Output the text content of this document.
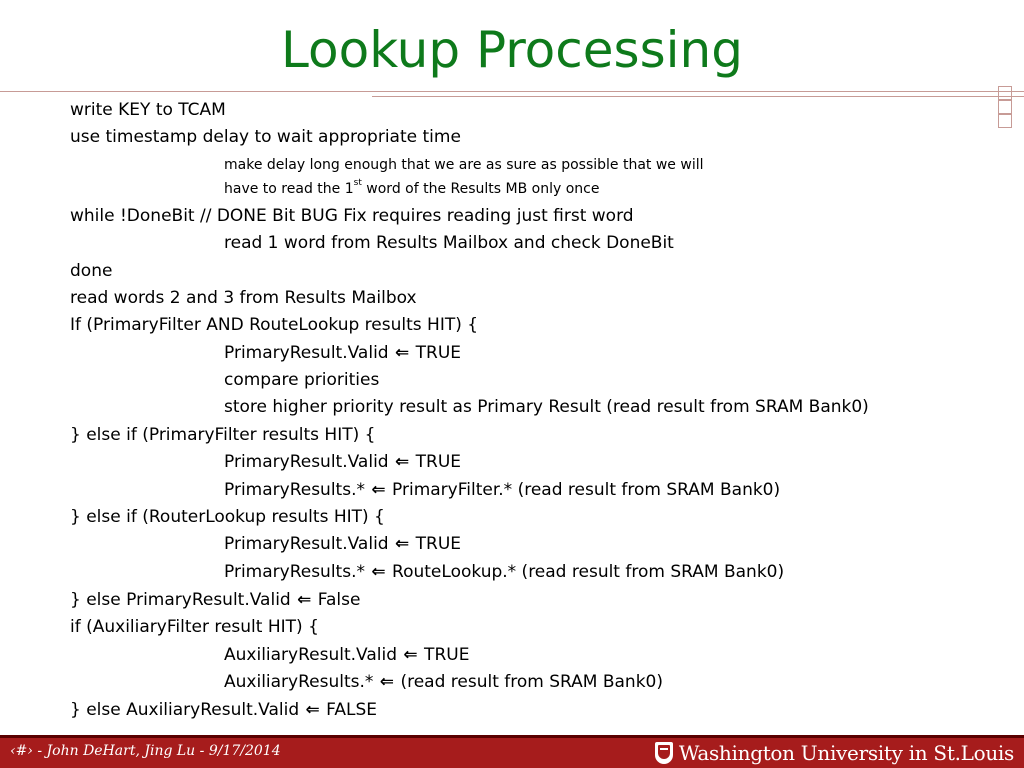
Lookup Processing
write KEY to TCAM
use timestamp delay to wait appropriate time
make delay long enough that we are as sure as possible that we will
have to read the 1st word of the Results MB only once
while !DoneBit // DONE Bit BUG Fix requires reading just first word
read 1 word from Results Mailbox and check DoneBit
done
read words 2 and 3 from Results Mailbox
If (PrimaryFilter AND RouteLookup results HIT) {
PrimaryResult.Valid ⇐ TRUE
compare priorities
store higher priority result as Primary Result (read result from SRAM Bank0)
} else if (PrimaryFilter results HIT) {
PrimaryResult.Valid ⇐ TRUE
PrimaryResults.* ⇐ PrimaryFilter.* (read result from SRAM Bank0)
} else if (RouterLookup results HIT) {
PrimaryResult.Valid ⇐ TRUE
PrimaryResults.* ⇐ RouteLookup.* (read result from SRAM Bank0)
} else PrimaryResult.Valid ⇐ False
if (AuxiliaryFilter result HIT) {
AuxiliaryResult.Valid ⇐ TRUE
AuxiliaryResults.* ⇐ (read result from SRAM Bank0)
} else AuxiliaryResult.Valid ⇐ FALSE
‹#› - John DeHart, Jing Lu - 9/17/2014	Washington University in St.Louis
